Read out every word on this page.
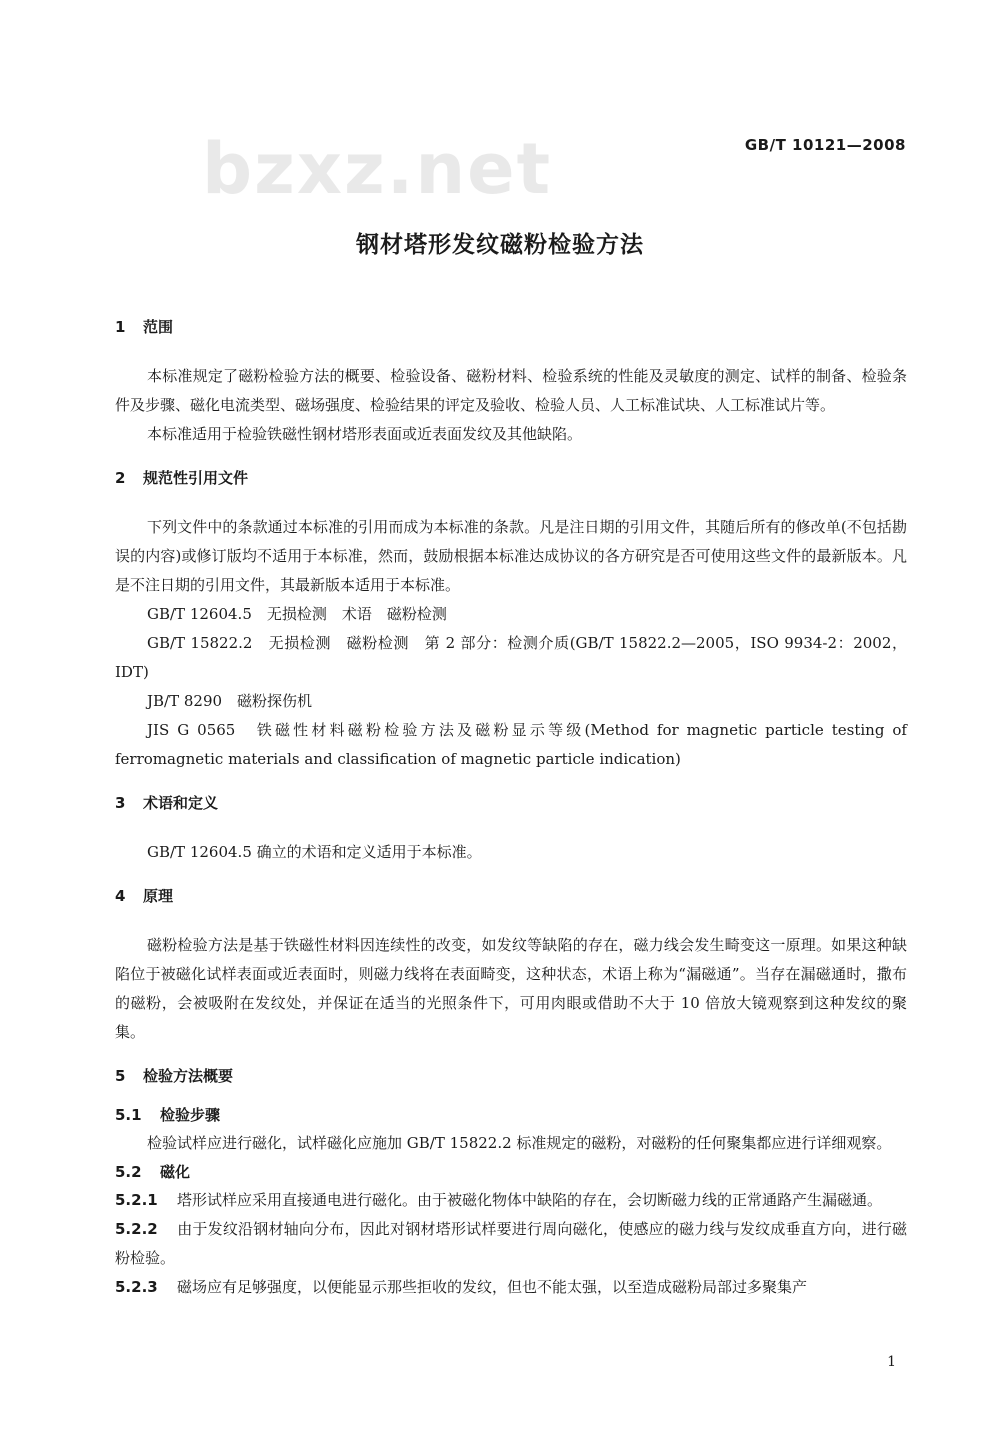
bzxz.net	GB/T 10121—2008
钢材塔形发纹磁粉检验方法
1 范围

本标准规定了磁粉检验方法的概要、检验设备、磁粉材料、检验系统的性能及灵敏度的测定、试样的制备、检验条件及步骤、磁化电流类型、磁场强度、检验结果的评定及验收、检验人员、人工标准试块、人工标准试片等。

本标准适用于检验铁磁性钢材塔形表面或近表面发纹及其他缺陷。

2 规范性引用文件

下列文件中的条款通过本标准的引用而成为本标准的条款。凡是注日期的引用文件，其随后所有的修改单(不包括勘误的内容)或修订版均不适用于本标准，然而，鼓励根据本标准达成协议的各方研究是否可使用这些文件的最新版本。凡是不注日期的引用文件，其最新版本适用于本标准。

GB/T 12604.5　无损检测　术语　磁粉检测

GB/T 15822.2　无损检测　磁粉检测　第 2 部分：检测介质(GB/T 15822.2—2005，ISO 9934-2：2002，IDT)

JB/T 8290　磁粉探伤机

JIS G 0565　铁磁性材料磁粉检验方法及磁粉显示等级(Method for magnetic particle testing of ferromagnetic materials and classification of magnetic particle indication)

3 术语和定义

GB/T 12604.5 确立的术语和定义适用于本标准。

4 原理

磁粉检验方法是基于铁磁性材料因连续性的改变，如发纹等缺陷的存在，磁力线会发生畸变这一原理。如果这种缺陷位于被磁化试样表面或近表面时，则磁力线将在表面畸变，这种状态，术语上称为“漏磁通”。当存在漏磁通时，撒布的磁粉，会被吸附在发纹处，并保证在适当的光照条件下，可用肉眼或借助不大于 10 倍放大镜观察到这种发纹的聚集。

5 检验方法概要
5.1 检验步骤

检验试样应进行磁化，试样磁化应施加 GB/T 15822.2 标准规定的磁粉，对磁粉的任何聚集都应进行详细观察。

5.2 磁化

5.2.1 塔形试样应采用直接通电进行磁化。由于被磁化物体中缺陷的存在，会切断磁力线的正常通路产生漏磁通。

5.2.2 由于发纹沿钢材轴向分布，因此对钢材塔形试样要进行周向磁化，使感应的磁力线与发纹成垂直方向，进行磁粉检验。

5.2.3 磁场应有足够强度，以便能显示那些拒收的发纹，但也不能太强，以至造成磁粉局部过多聚集产

1
